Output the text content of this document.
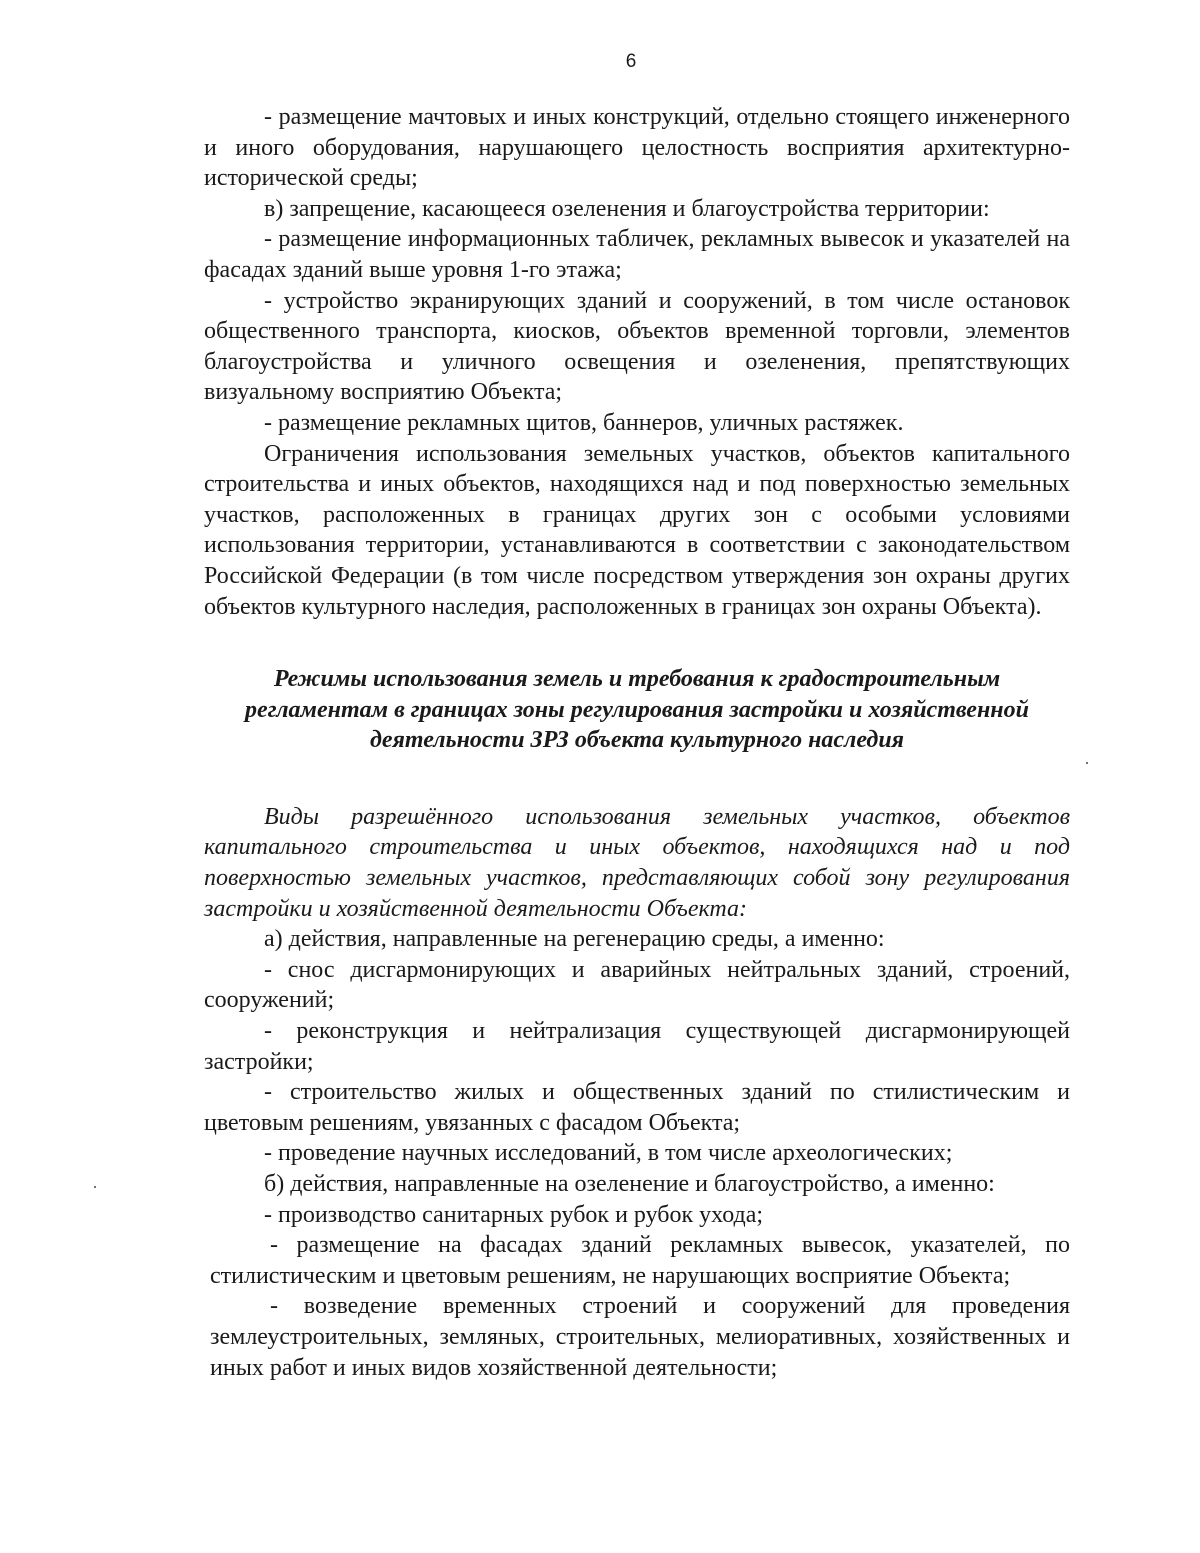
6

- размещение мачтовых и иных конструкций, отдельно стоящего инженерного и иного оборудования, нарушающего целостность восприятия архитектурно-исторической среды;

в) запрещение, касающееся озеленения и благоустройства территории:

- размещение информационных табличек, рекламных вывесок и указателей на фасадах зданий выше уровня 1-го этажа;

- устройство экранирующих зданий и сооружений, в том числе остановок общественного транспорта, киосков, объектов временной торговли, элементов благоустройства и уличного освещения и озеленения, препятствующих визуальному восприятию Объекта;

- размещение рекламных щитов, баннеров, уличных растяжек.

Ограничения использования земельных участков, объектов капитального строительства и иных объектов, находящихся над и под поверхностью земельных участков, расположенных в границах других зон с особыми условиями использования территории, устанавливаются в соответствии с законодательством Российской Федерации (в том числе посредством утверждения зон охраны других объектов культурного наследия, расположенных в границах зон охраны Объекта).

Режимы использования земель и требования к градостроительным
регламентам в границах зоны регулирования застройки и хозяйственной
деятельности ЗРЗ объекта культурного наследия

Виды разрешённого использования земельных участков, объектов капитального строительства и иных объектов, находящихся над и под поверхностью земельных участков, представляющих собой зону регулирования застройки и хозяйственной деятельности Объекта:

а) действия, направленные на регенерацию среды, а именно:

- снос дисгармонирующих и аварийных нейтральных зданий, строений, сооружений;

- реконструкция и нейтрализация существующей дисгармонирующей застройки;

- строительство жилых и общественных зданий по стилистическим и цветовым решениям, увязанных с фасадом Объекта;

- проведение научных исследований, в том числе археологических;

б) действия, направленные на озеленение и благоустройство, а именно:

- производство санитарных рубок и рубок ухода;

- размещение на фасадах зданий рекламных вывесок, указателей, по стилистическим и цветовым решениям, не нарушающих восприятие Объекта;

- возведение временных строений и сооружений для проведения землеустроительных, земляных, строительных, мелиоративных, хозяйственных и иных работ и иных видов хозяйственной деятельности;
